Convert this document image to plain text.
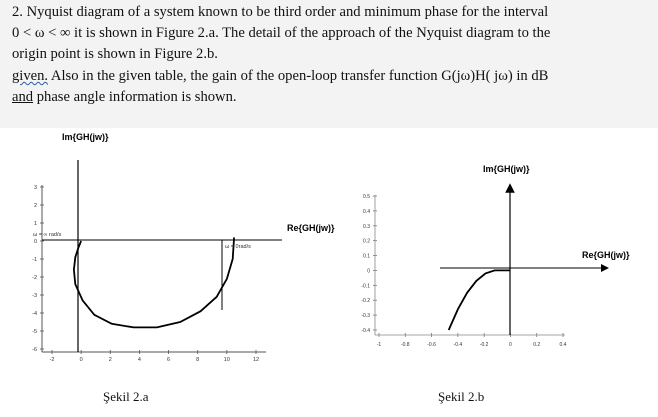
2. Nyquist diagram of a system known to be third order and minimum phase for the interval
0 < ω < ∞ it is shown in Figure 2.a. The detail of the approach of the Nyquist diagram to the
origin point is shown in Figure 2.b.
given. Also in the given table, the gain of the open-loop transfer function G(jω)H( jω) in dB
and phase angle information is shown.
3
2
1
0
-1
-2
-3
-4
-5
-6
-2	0	2	4	6	8	10	12
Im{GH(jw)}
Re{GH(jw)}
ω = ∞ rad/s
ω = 0rad/s
0.5
0.4
0.3
0.2
0.1
0
-0.1
-0.2
-0.3
-0.4
-1	-0.8	-0.6	-0.4	-0.2	0	0.2	0.4
Im{GH(jw)}
Re{GH(jw)}
Şekil 2.a	Şekil 2.b
